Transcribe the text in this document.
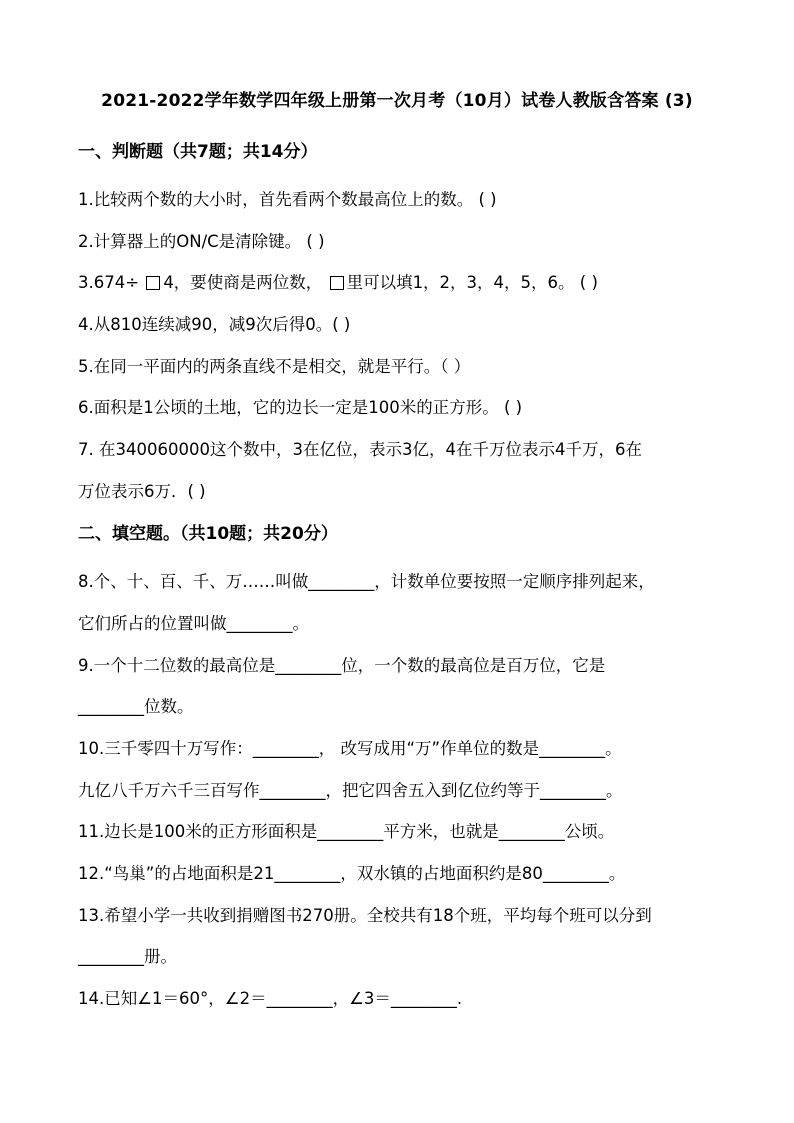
2021-2022学年数学四年级上册第一次月考（10月）试卷人教版含答案 (3)
一、判断题（共7题；共14分）
1.比较两个数的大小时，首先看两个数最高位上的数。 ( )
2.计算器上的ON/C是清除键。 ( )
3.674÷ 4，要使商是两位数， 里可以填1，2，3，4，5，6。 ( )
4.从810连续减90，减9次后得0。( )
5.在同一平面内的两条直线不是相交，就是平行。（ ）
6.面积是1公顷的土地，它的边长一定是100米的正方形。 ( )
7. 在340060000这个数中，3在亿位，表示3亿，4在千万位表示4千万，6在
万位表示6万．( )
二、填空题。（共10题；共20分）
8.个、十、百、千、万……叫做________，计数单位要按照一定顺序排列起来，
它们所占的位置叫做________。
9.一个十二位数的最高位是________位，一个数的最高位是百万位，它是
________位数。
10.三千零四十万写作：________， 改写成用“万”作单位的数是________。
九亿八千万六千三百写作________，把它四舍五入到亿位约等于________。
11.边长是100米的正方形面积是________平方米，也就是________公顷。
12.“鸟巢”的占地面积是21________，双水镇的占地面积约是80________。
13.希望小学一共收到捐赠图书270册。全校共有18个班，平均每个班可以分到
________册。
14.已知∠1＝60°，∠2＝________，∠3＝________.
